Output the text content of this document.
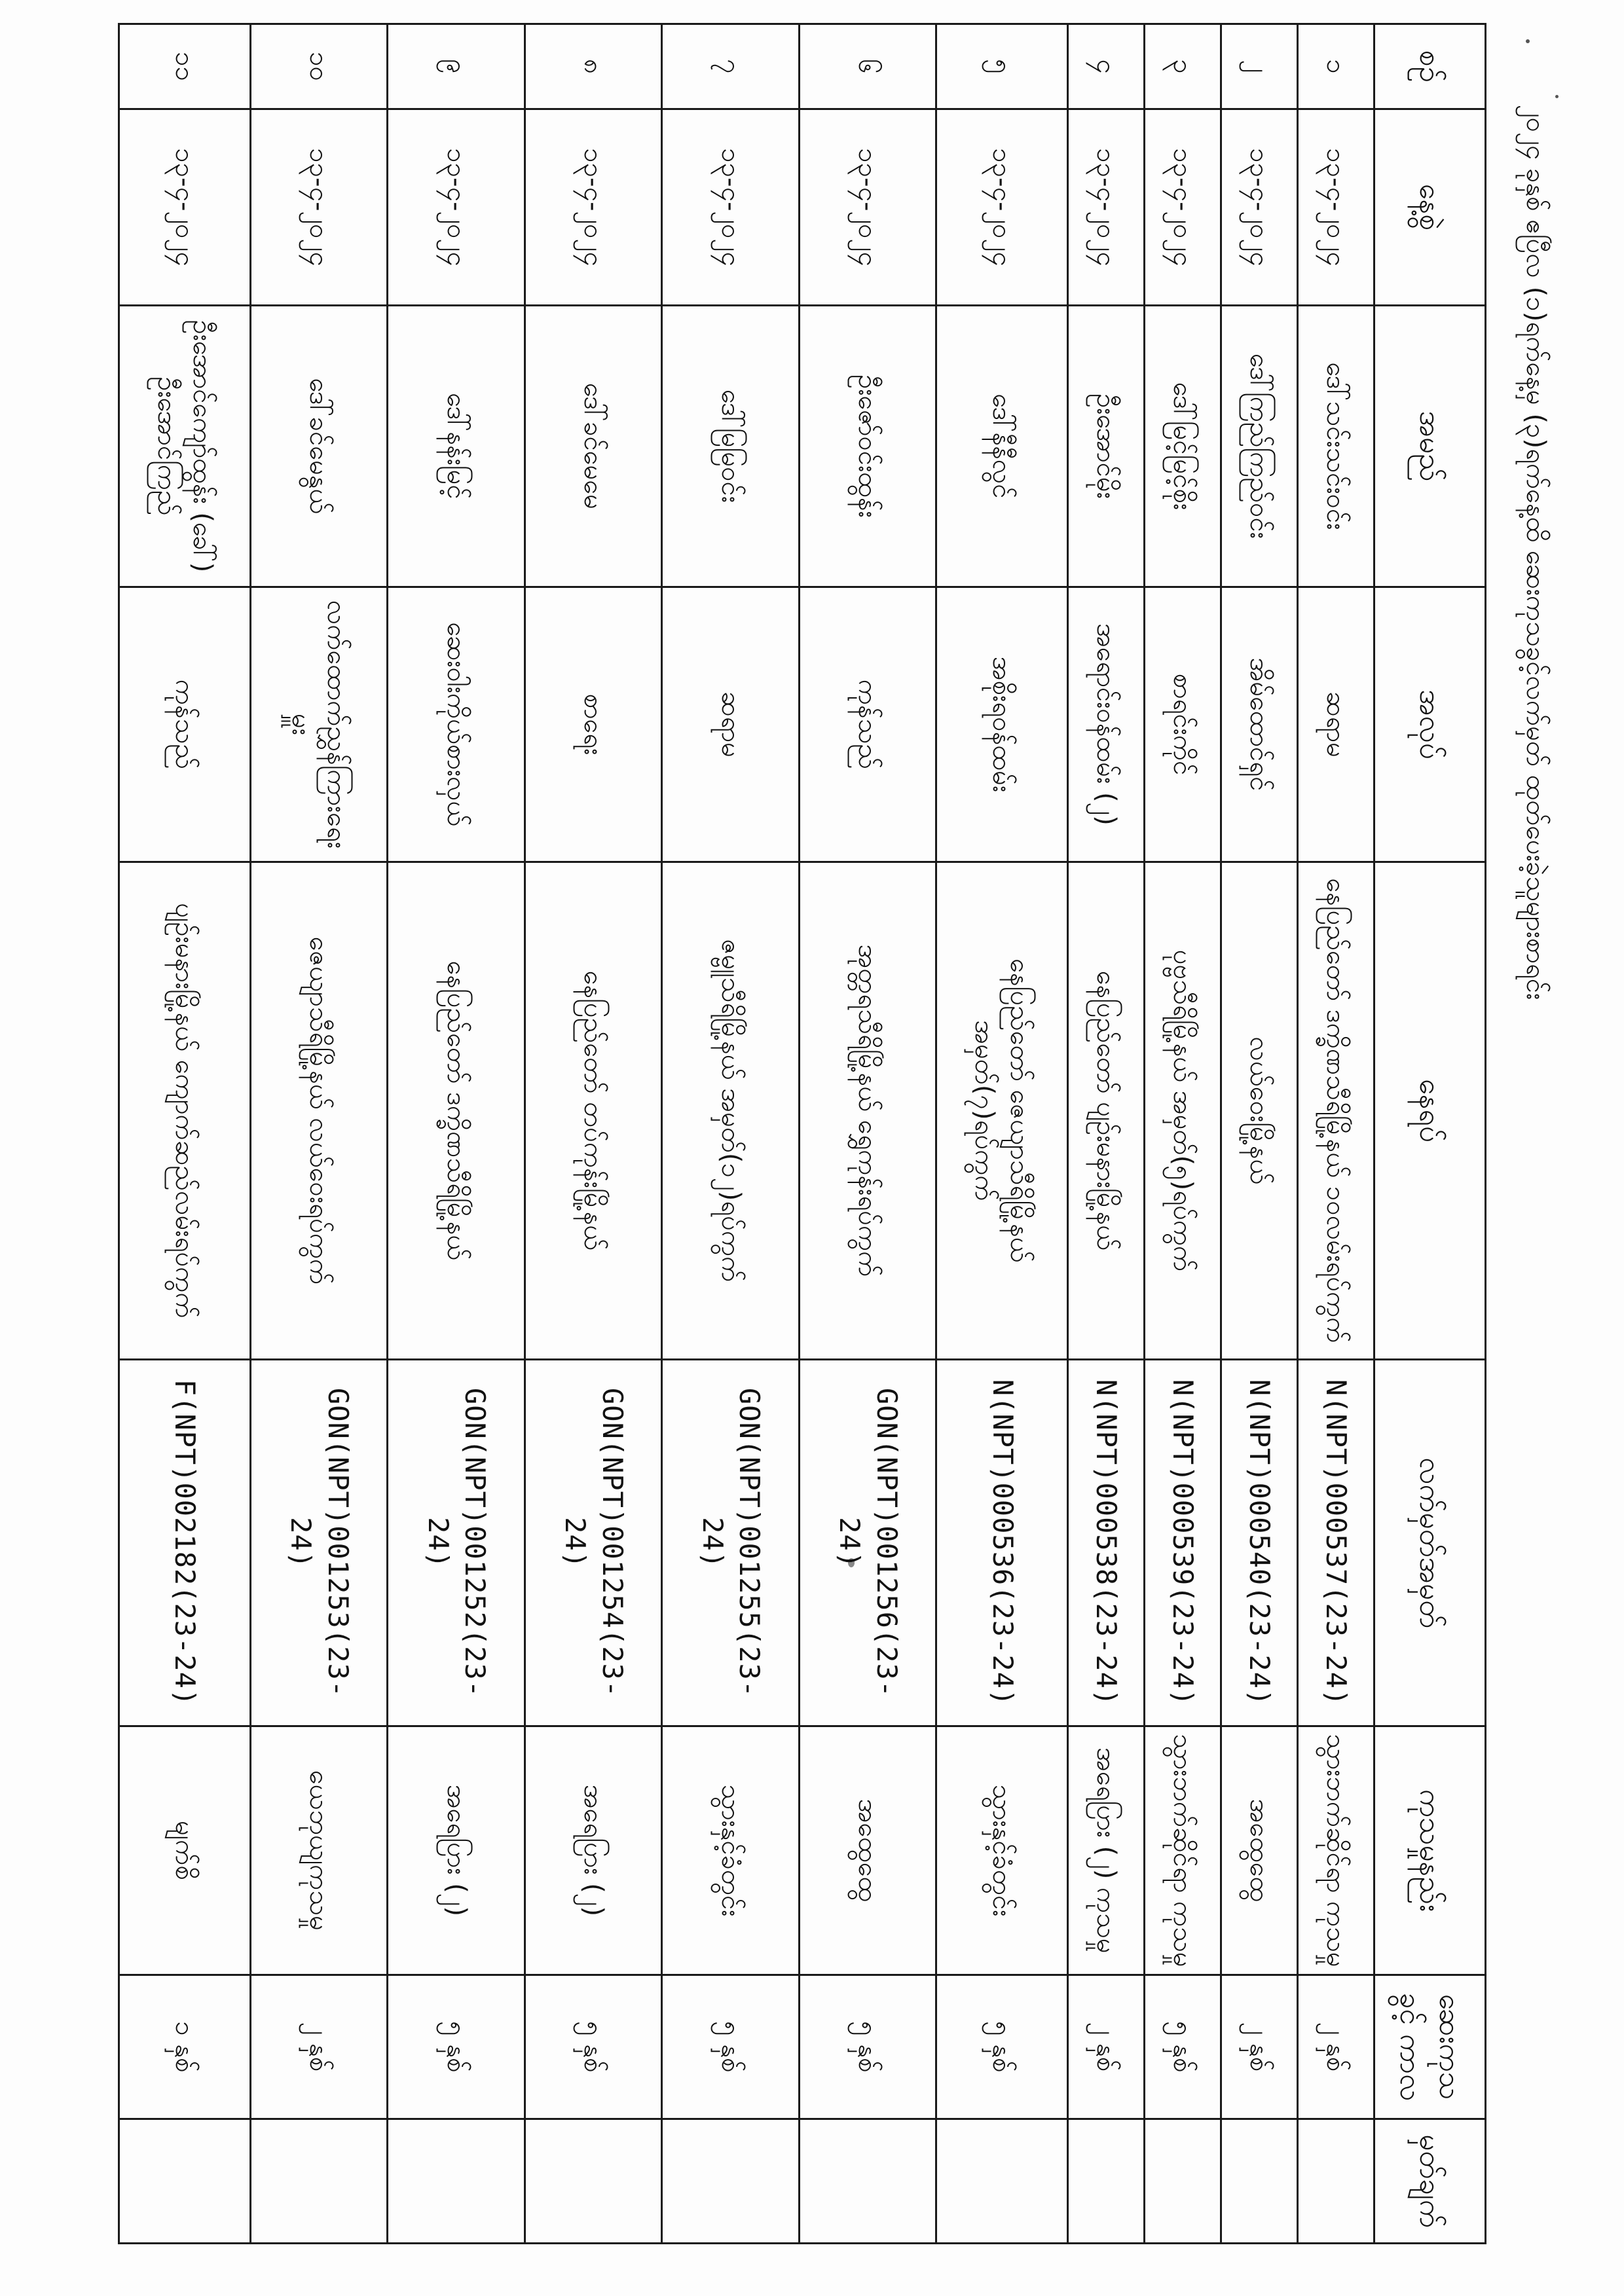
၂၀၂၄ ခုနှစ် ဧပြီလ (၁)ရက်နေ့မှ (၃)ရက်နေ့ထိ ဆေးကုသခွင့်လက်မှတ် ထုတ်ပေးခဲ့သူများစာရင်း
စဉ်	နေ့စွဲ	အမည်	အလုပ်	နေရပ်	လက်မှတ်အမှတ်	ကုသမှုနည်း	ဆေးကုသခွင့် ကာလ	မှတ်ချက်
၁	၁၃-၄-၂၀၂၄	ဒေါ်သင်းသင်းဝင်း	ဆရာမ	နေပြည်တော် ဒက္ခိဏသီရိမြို့နယ် ၁၀လမ်းရပ်ကွက်	N(NPT)000537(23-24)	သွားဘက်ဆိုင်ရာ ကုသမှု	၂ နှစ်	
၂	၁၃-၄-၂၀၂၄	ဒေါ်ကြည်ကြည်ဝင်း	အိမ်ထောင်ရှင်	လယ်ဝေးမြို့နယ်	N(NPT)000540(23-24)	အထွေထွေ	၂ နှစ်	
၃	၁၃-၄-၂၀၂၄	ဒေါ်မြင့်မြင့်စိုး	စာရင်းကိုင်	ပုဗ္ဗသီရိမြို့နယ် အမှတ်(၅)ရပ်ကွက်	N(NPT)000539(23-24)	သွားဘက်ဆိုင်ရာ ကုသမှု	၅ နှစ်	
၄	၁၃-၄-၂၀၂၄	ဦးအောင်မိုး	အရောင်းဝန်ထမ်း (၂)	နေပြည်တော် ပျဉ်းမနားမြို့နယ်	N(NPT)000538(23-24)	အရေပြား (၂) ကုသမှု	၂ နှစ်	
၅	၁၃-၄-၂၀၂၄	ဒေါ်နီနီလွင်	အစိုးရဝန်ထမ်း	နေပြည်တော် ဇေယျာသီရိမြို့နယ် အမှတ်(၇)ရပ်ကွက်	N(NPT)000536(23-24)	သွားနှင့်ခံတွင်း	၅ နှစ်	
၆	၁၃-၄-၂၀၂၄	ဦးဇော်ဝင်းထွန်း	ကုန်သည်	အုတ္တရသီရိမြို့နယ် ရွှေကုန်းရပ်ကွက်	GON(NPT)001256(23-24)	အထွေထွေ	၅ နှစ်	
၇	၁၃-၄-၂၀၂၄	ဒေါ်မြမြဝင်း	ဆရာမ	ဇမ္ဗူသီရိမြို့နယ် အမှတ်(၁၂)ရပ်ကွက်	GON(NPT)001255(23-24)	သွားနှင့်ခံတွင်း	၅ နှစ်	
၈	၁၃-၄-၂၀၂၄	ဒေါ်ခင်မေမေ	စာရေး	နေပြည်တော် တပ်ကုန်းမြို့နယ်	GON(NPT)001254(23-24)	အရေပြား (၂)	၅ နှစ်	
၉	၁၃-၄-၂၀၂၄	ဒေါ်နန်းမြင့်	ဆေးဝါးကိုယ်စားလှယ်	နေပြည်တော် ဒက္ခိဏသီရိမြို့နယ်	GON(NPT)001252(23-24)	အရေပြား (၂)	၅ နှစ်	
၁၀	၁၃-၄-၂၀၂၄	ဒေါ်ခင်မေနွယ်	လက်ထောက်ညွှန်ကြားရေးမှူး	ဇေယျာသီရိမြို့နယ် လယ်ဝေးရပ်ကွက်	GON(NPT)001253(23-24)	ယေဘုယျကုသမှု	၂ နှစ်	
၁၁	၁၃-၄-၂၀၂၄	ဦးအောင်ကျော်ထွန်း (ခေါ်) ဦးအောင်ကြည်	ကုန်သည်	ပျဉ်းမနားမြို့နယ် ကျောက်ဆည်လမ်းရပ်ကွက်	F(NPT)002182(23-24)	မျက်စိ	၁ နှစ်	
